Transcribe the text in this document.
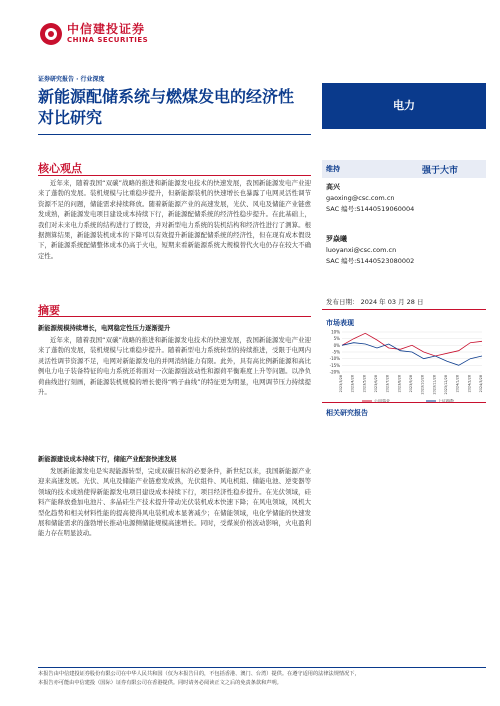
中信建投证券
CHINA SECURITIES
证券研究报告 · 行业深度
新能源配储系统与燃煤发电的经济性对比研究
电力
核心观点
近年来，随着我国“双碳”战略的推进和新能源发电技术的快速发展，我国新能源发电产业迎来了蓬勃的发展。装机规模与比重稳步提升，但新能源装机的快速增长也暴露了电网灵活性调节资源不足的问题，储能需求持续释放。随着新能源产业的高速发展，光伏、风电及储能产业链愈发成熟，新能源发电项目建设成本持续下行，新能源配储系统的经济性稳步提升。在此基础上，我们对未来电力系统的结构进行了假设，并对新型电力系统的装机结构和经济性进行了测算。根据测算结果，新能源装机成本的下降可以有效提升新能源配储系统的经济性，但在现有成本假设下，新能源系统配储整体成本仍高于火电，短期来看新能源系统大规模替代火电仍存在较大不确定性。
摘要
新能源规模持续增长，电网稳定性压力逐渐提升
近年来，随着我国“双碳”战略的推进和新能源发电技术的快速发展，我国新能源发电产业迎来了蓬勃的发展，装机规模与比重稳步提升。随着新型电力系统转型的持续推进，受限于电网内灵活性调节资源不足，电网对新能源发电的并网消纳能力有限。此外，具有高比例新能源和高比例电力电子装备特征的电力系统还将面对一次能源强波动性和源荷平衡难度上升等问题。以净负荷曲线进行刻画，新能源装机规模的增长使得“鸭子曲线”的特征更为明显，电网调节压力持续提升。
新能源建设成本持续下行，储能产业配套快速发展
发展新能源发电是实现能源转型，完成双碳目标的必要条件，新世纪以来，我国新能源产业迎来高速发展。光伏、风电及储能产业链愈发成熟，光伏组件、风电机组、储能电池、逆变器等领域的技术成熟使得新能源发电项目建设成本持续下行，项目经济性稳步提升。在光伏领域，硅料产能释放叠加电池片、多晶硅生产技术提升带动光伏装机成本快速下降；在风电领域，风机大型化趋势和相关材料性能的提高使得风电装机成本显著减少；在储能领域，电化学储能的快速发展和储能需求的蓬勃增长推动电源侧储能规模高速增长。同时，受煤炭价格波动影响，火电盈利能力存在明显波动。
维持	强于大市
高兴
gaoxing@csc.com.cn
SAC 编号:S1440519060004
罗焱曦
luoyanxi@csc.com.cn
SAC 编号:S1440523080002
发布日期： 2024 年 03 月 28 日
市场表现
10%
5%
0%
-5%
-10%
-15%
-20%
2023/3/28 2023/4/28 2023/5/28 2023/6/28 2023/7/28 2023/8/28 2023/9/28 2023/10/28 2023/11/28 2023/12/28 2024/1/28 2024/2/28 2024/3/28
公用事业	上证指数
相关研究报告
本报告由中信建投证券股份有限公司在中华人民共和国（仅为本报告目的，不包括香港、澳门、台湾）提供。在遵守适用的法律法规情况下，
本报告亦可能由中信建投（国际）证券有限公司在香港提供。同时请务必阅读正文之后的免责条款和声明。
